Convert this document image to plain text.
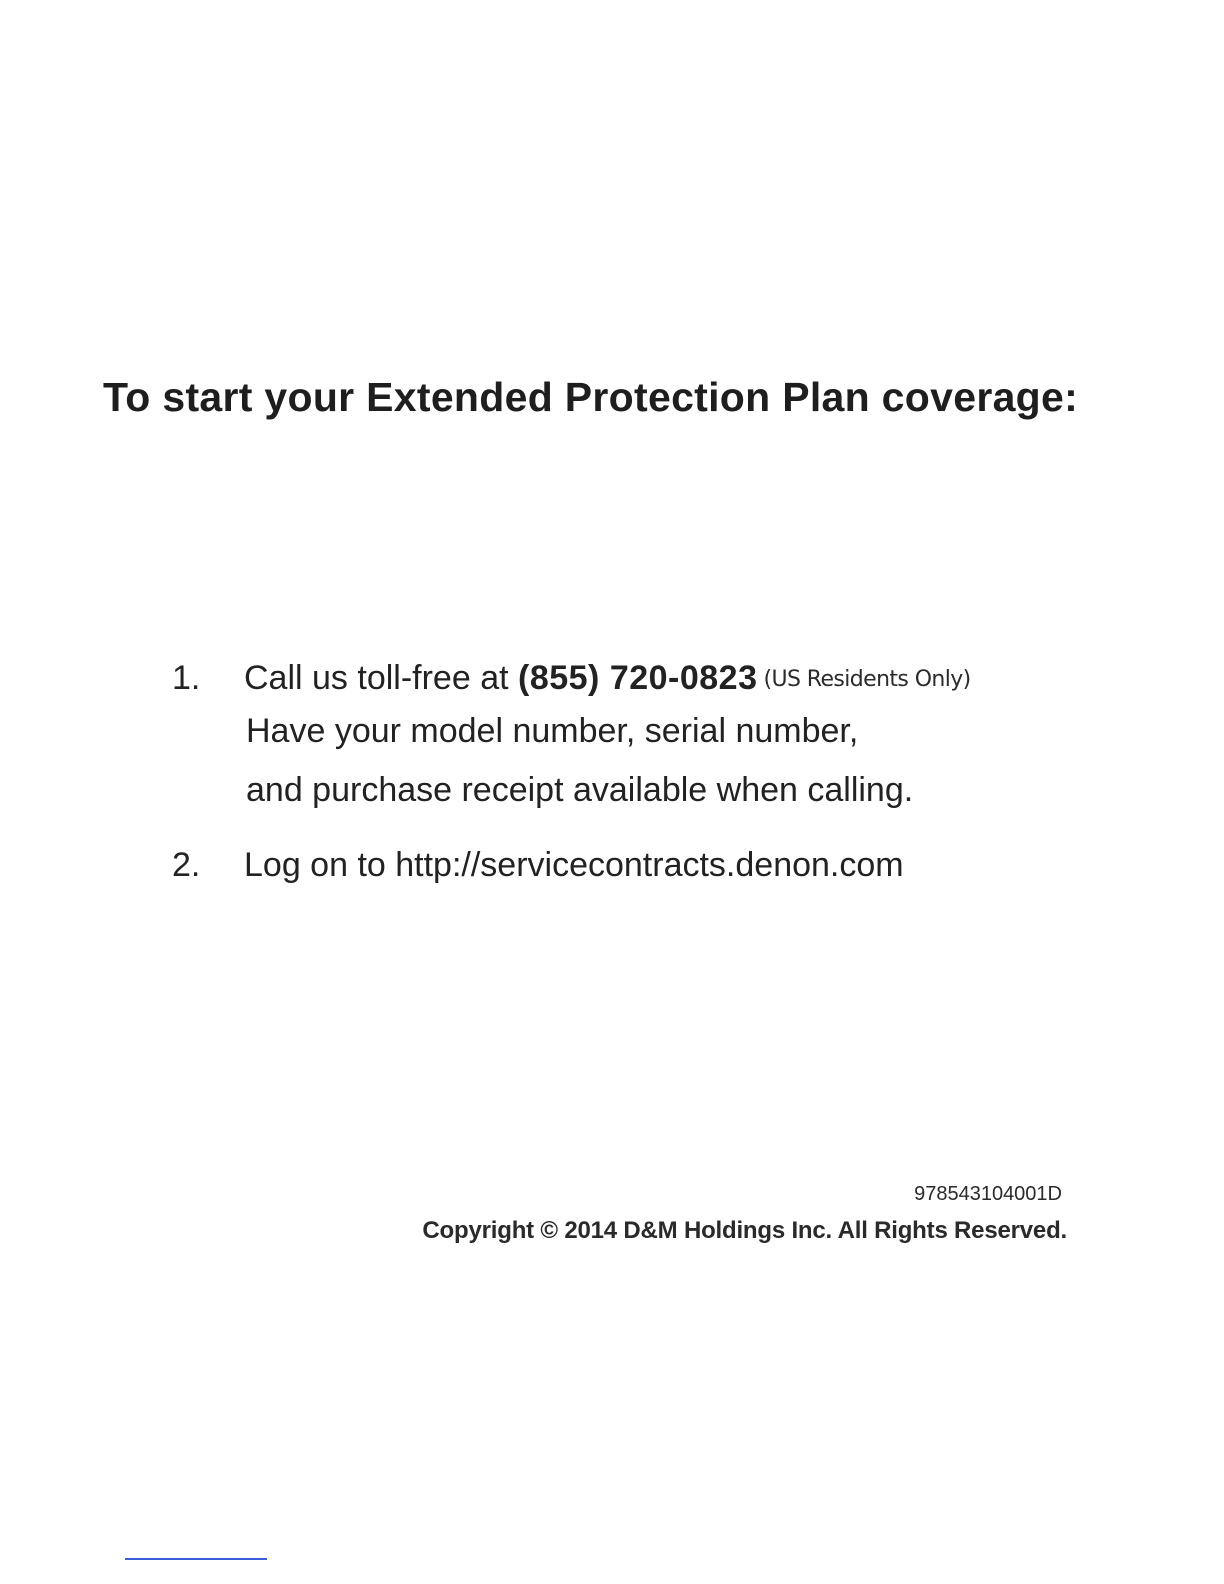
To start your Extended Protection Plan coverage:
1. Call us toll-free at (855) 720-0823 (US Residents Only)
Have your model number, serial number,
and purchase receipt available when calling.
2. Log on to http://servicecontracts.denon.com
978543104001D
Copyright © 2014 D&M Holdings Inc. All Rights Reserved.
